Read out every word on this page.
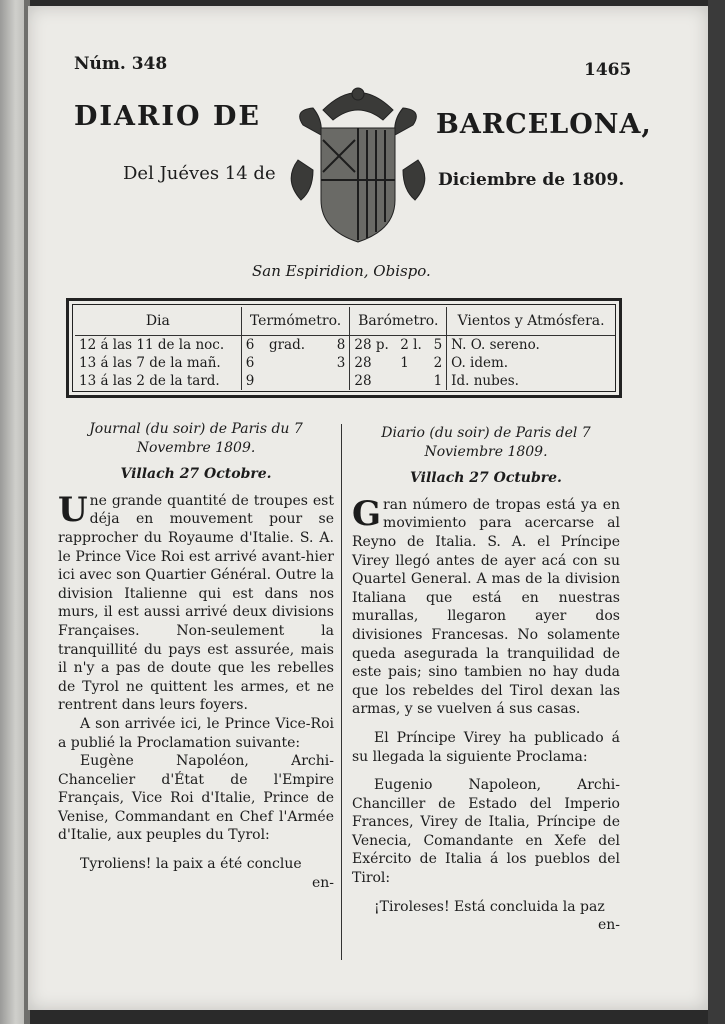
Núm. 348	1465
DIARIO DE	BARCELONA,
Del Juéves 14 de	Diciembre de 1809.
San Espiridion, Obispo.
Dia	Termómetro.			Barómetro.			Vientos y Atmósfera.
12 á las 11 de la noc.	6	grad.	8	28 p.	2 l.	5	N. O. sereno.
13 á las 7 de la mañ.	6		3	28	1	2	O. idem.
13 á las 2 de la tard.	9			28		1	Id. nubes.

Journal (du soir) de Paris du 7

Novembre 1809.

Villach 27 Octobre.

Une grande quantité de troupes est déja en mouvement pour se rapprocher du Royaume d'Italie. S. A. le Prince Vice Roi est arrivé avant-hier ici avec son Quartier Général. Outre la division Italienne qui est dans nos murs, il est aussi arrivé deux divisions Françaises. Non-seulement la tranquillité du pays est assurée, mais il n'y a pas de doute que les rebelles de Tyrol ne quittent les armes, et ne rentrent dans leurs foyers.

A son arrivée ici, le Prince Vice-Roi a publié la Proclamation suivante:

Eugène Napoléon, Archi-Chancelier d'État de l'Empire Français, Vice Roi d'Italie, Prince de Venise, Commandant en Chef l'Armée d'Italie, aux peuples du Tyrol:

Tyroliens! la paix a été conclue

en-

Diario (du soir) de Paris del 7

Noviembre 1809.

Villach 27 Octubre.

Gran número de tropas está ya en movimiento para acercarse al Reyno de Italia. S. A. el Príncipe Virey llegó antes de ayer acá con su Quartel General. A mas de la division Italiana que está en nuestras murallas, llegaron ayer dos divisiones Francesas. No solamente queda asegurada la tranquilidad de este pais; sino tambien no hay duda que los rebeldes del Tirol dexan las armas, y se vuelven á sus casas.

El Príncipe Virey ha publicado á su llegada la siguiente Proclama:

Eugenio Napoleon, Archi-Chanciller de Estado del Imperio Frances, Virey de Italia, Príncipe de Venecia, Comandante en Xefe del Exército de Italia á los pueblos del Tirol:

¡Tiroleses! Está concluida la paz

en-
